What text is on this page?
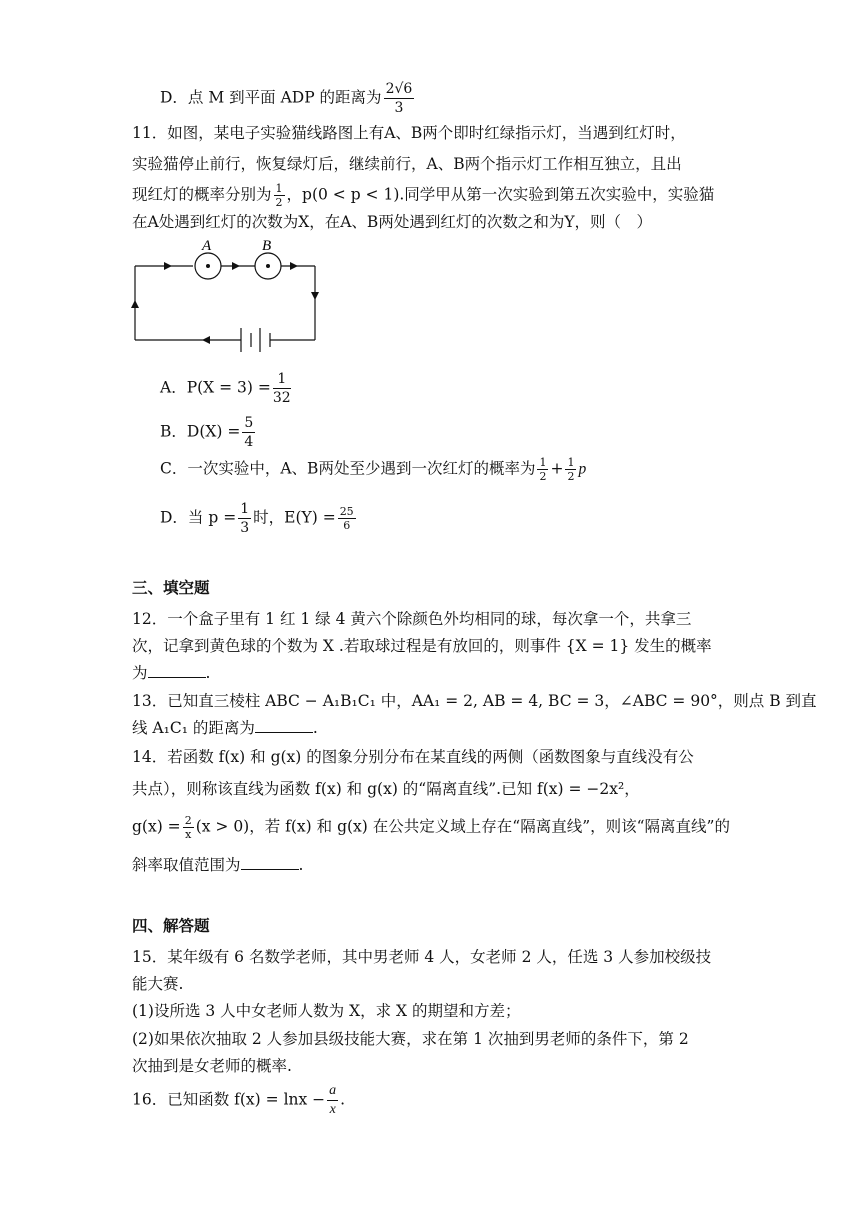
D．点 M 到平面 ADP 的距离为 $\frac{2√6}{3}$
11．如图，某电子实验猫线路图上有A、B两个即时红绿指示灯，当遇到红灯时，
实验猫停止前行，恢复绿灯后，继续前行，A、B两个指示灯工作相互独立，且出
现红灯的概率分别为 $\frac{1}{2}$ ，p(0 < p < 1).同学甲从第一次实验到第五次实验中，实验猫
在A处遇到红灯的次数为X，在A、B两处遇到红灯的次数之和为Y，则（　）
A	B
A．$P(X = 3) = \frac{1}{32}$
B．$D(X) = \frac{5}{4}$
C．一次实验中，A、B两处至少遇到一次红灯的概率为 $\frac{1}{2} + \frac{1}{2}$ p
D．当 $p = \frac{1}{3}$ 时，$E(Y) = \frac{25}{6}$
三、填空题
12．一个盒子里有 1 红 1 绿 4 黄六个除颜色外均相同的球，每次拿一个，共拿三
次，记拿到黄色球的个数为 X .若取球过程是有放回的，则事件 {X = 1} 发生的概率
为	.
13．已知直三棱柱 ABC − A₁B₁C₁ 中，AA₁ = 2, AB = 4, BC = 3，∠ABC = 90°，则点 B 到直
线 A₁C₁ 的距离为	.
14．若函数 f(x) 和 g(x) 的图象分别分布在某直线的两侧（函数图象与直线没有公
共点），则称该直线为函数 f(x) 和 g(x) 的“隔离直线”.已知 f(x) = −2x²，
$g(x) = \frac{2}{x} (x > 0)$，若 f(x) 和 g(x) 在公共定义域上存在“隔离直线”，则该“隔离直线”的
斜率取值范围为	.
四、解答题
15．某年级有 6 名数学老师，其中男老师 4 人，女老师 2 人，任选 3 人参加校级技
能大赛.
(1)设所选 3 人中女老师人数为 X，求 X 的期望和方差；
(2)如果依次抽取 2 人参加县级技能大赛，求在第 1 次抽到男老师的条件下，第 2
次抽到是女老师的概率.
16．已知函数 $f(x) = \ln x - \frac{a}{x}$ .
